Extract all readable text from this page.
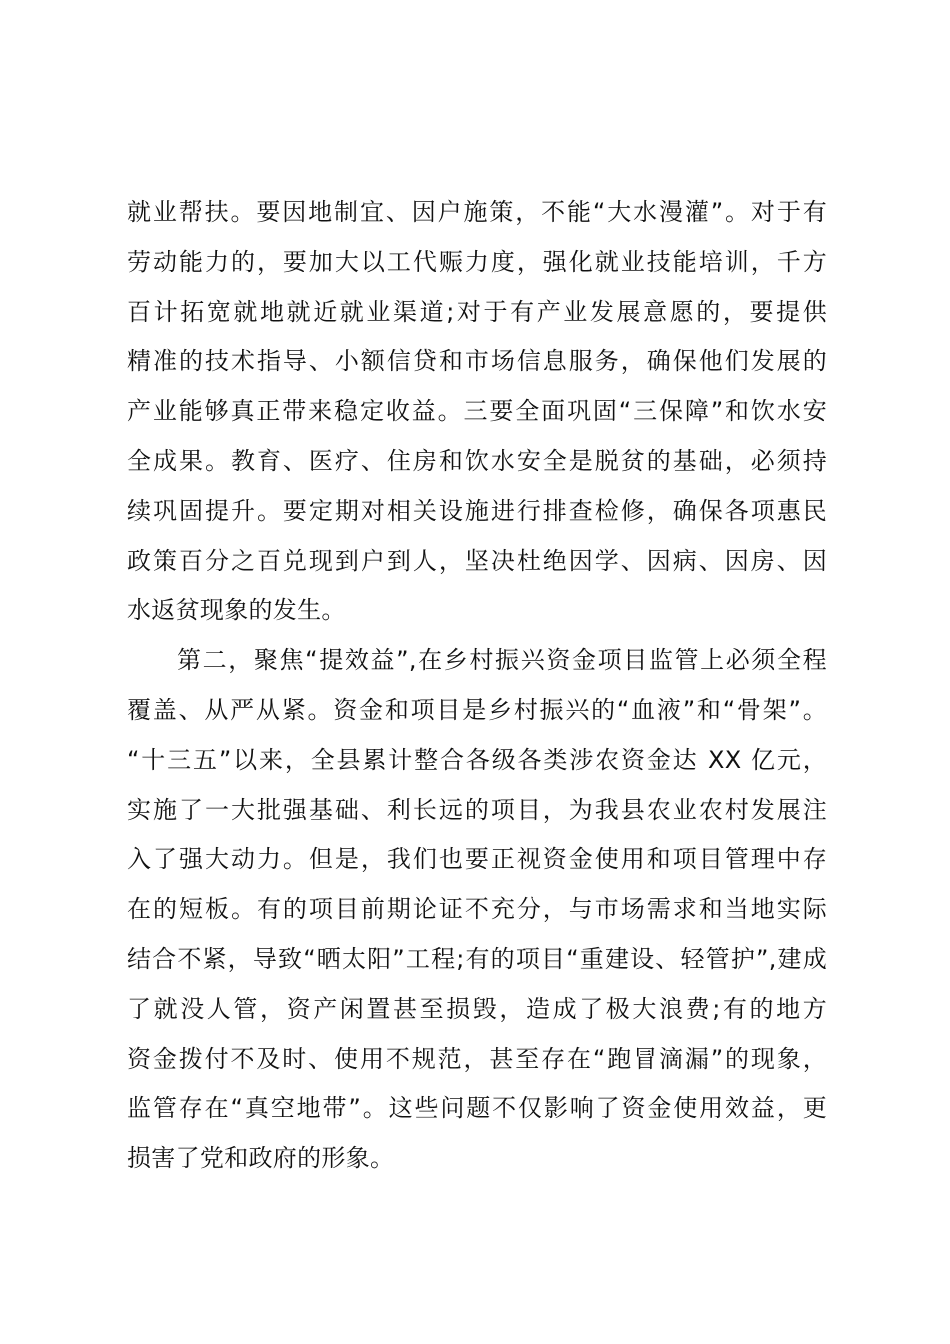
就业帮扶。要因地制宜、因户施策，不能“大水漫灌”。对于有
劳动能力的，要加大以工代赈力度，强化就业技能培训，千方
百计拓宽就地就近就业渠道;对于有产业发展意愿的，要提供
精准的技术指导、小额信贷和市场信息服务，确保他们发展的
产业能够真正带来稳定收益。三要全面巩固“三保障”和饮水安
全成果。教育、医疗、住房和饮水安全是脱贫的基础，必须持
续巩固提升。要定期对相关设施进行排查检修，确保各项惠民
政策百分之百兑现到户到人，坚决杜绝因学、因病、因房、因
水返贫现象的发生。
第二，聚焦“提效益”,在乡村振兴资金项目监管上必须全程
覆盖、从严从紧。资金和项目是乡村振兴的“血液”和“骨架”。
“十三五”以来，全县累计整合各级各类涉农资金达 XX 亿元，
实施了一大批强基础、利长远的项目，为我县农业农村发展注
入了强大动力。但是，我们也要正视资金使用和项目管理中存
在的短板。有的项目前期论证不充分，与市场需求和当地实际
结合不紧，导致“晒太阳”工程;有的项目“重建设、轻管护”,建成
了就没人管，资产闲置甚至损毁，造成了极大浪费;有的地方
资金拨付不及时、使用不规范，甚至存在“跑冒滴漏”的现象，
监管存在“真空地带”。这些问题不仅影响了资金使用效益，更
损害了党和政府的形象。
